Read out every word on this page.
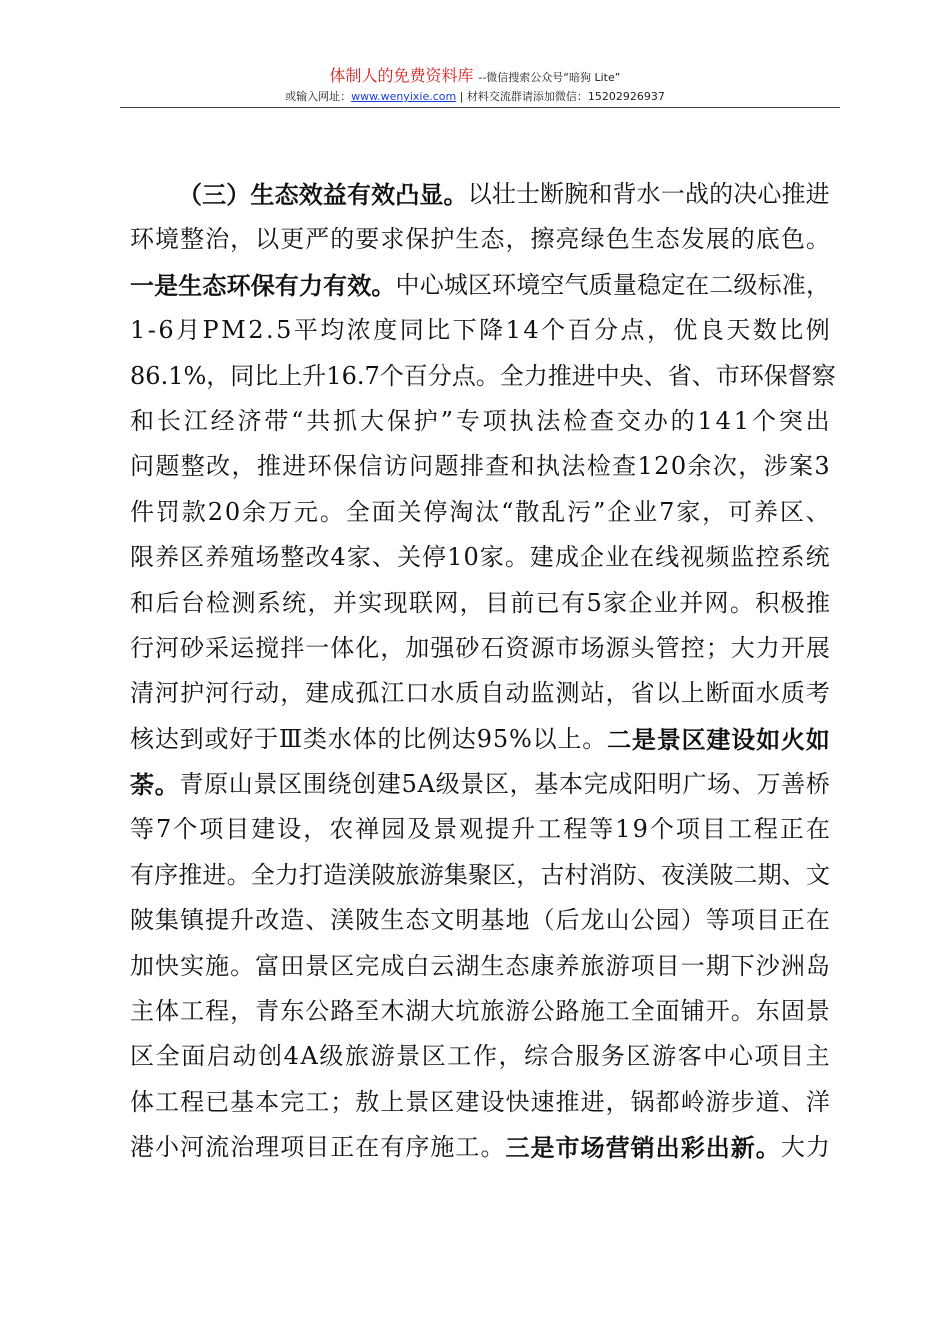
体制人的免费资料库 --微信搜索公众号“暗狗 Lite”
或输入网址：www.wenyixie.com | 材料交流群请添加微信：15202926937
（ 三 ） 生 态 效 益 有 效 凸 显 。 以 壮 士 断 腕 和 背 水 一 战 的 决 心 推 进
环 境 整 治 ， 以 更 严 的 要 求 保 护 生 态 ， 擦 亮 绿 色 生 态 发 展 的 底 色 。
一 是 生 态 环 保 有 力 有 效 。 中 心 城 区 环 境 空 气 质 量 稳 定 在 二 级 标 准 ，
1 - 6 月 P M 2 . 5 平 均 浓 度 同 比 下 降 1 4 个 百 分 点 ， 优 良 天 数 比 例
8 6 . 1 % ， 同 比 上 升 1 6 . 7 个 百 分 点 。 全 力 推 进 中 央 、 省 、 市 环 保 督 察
和 长 江 经 济 带 “ 共 抓 大 保 护 ” 专 项 执 法 检 查 交 办 的 1 4 1 个 突 出
问 题 整 改 ， 推 进 环 保 信 访 问 题 排 查 和 执 法 检 查 1 2 0 余 次 ， 涉 案 3
件 罚 款 2 0 余 万 元 。 全 面 关 停 淘 汰 “ 散 乱 污 ” 企 业 7 家 ， 可 养 区 、
限 养 区 养 殖 场 整 改 4 家 、 关 停 1 0 家 。 建 成 企 业 在 线 视 频 监 控 系 统
和 后 台 检 测 系 统 ， 并 实 现 联 网 ， 目 前 已 有 5 家 企 业 并 网 。 积 极 推
行 河 砂 采 运 搅 拌 一 体 化 ， 加 强 砂 石 资 源 市 场 源 头 管 控 ； 大 力 开 展
清 河 护 河 行 动 ， 建 成 孤 江 口 水 质 自 动 监 测 站 ， 省 以 上 断 面 水 质 考
核 达 到 或 好 于 Ⅲ 类 水 体 的 比 例 达 9 5 % 以 上 。 二 是 景 区 建 设 如 火 如
荼 。 青 原 山 景 区 围 绕 创 建 5 A 级 景 区 ， 基 本 完 成 阳 明 广 场 、 万 善 桥
等 7 个 项 目 建 设 ， 农 禅 园 及 景 观 提 升 工 程 等 1 9 个 项 目 工 程 正 在
有 序 推 进 。 全 力 打 造 渼 陂 旅 游 集 聚 区 ， 古 村 消 防 、 夜 渼 陂 二 期 、 文
陂 集 镇 提 升 改 造 、 渼 陂 生 态 文 明 基 地 （ 后 龙 山 公 园 ） 等 项 目 正 在
加 快 实 施 。 富 田 景 区 完 成 白 云 湖 生 态 康 养 旅 游 项 目 一 期 下 沙 洲 岛
主 体 工 程 ， 青 东 公 路 至 木 湖 大 坑 旅 游 公 路 施 工 全 面 铺 开 。 东 固 景
区 全 面 启 动 创 4 A 级 旅 游 景 区 工 作 ， 综 合 服 务 区 游 客 中 心 项 目 主
体 工 程 已 基 本 完 工 ； 敖 上 景 区 建 设 快 速 推 进 ， 锅 都 岭 游 步 道 、 洋
港 小 河 流 治 理 项 目 正 在 有 序 施 工 。 三 是 市 场 营 销 出 彩 出 新 。 大 力
